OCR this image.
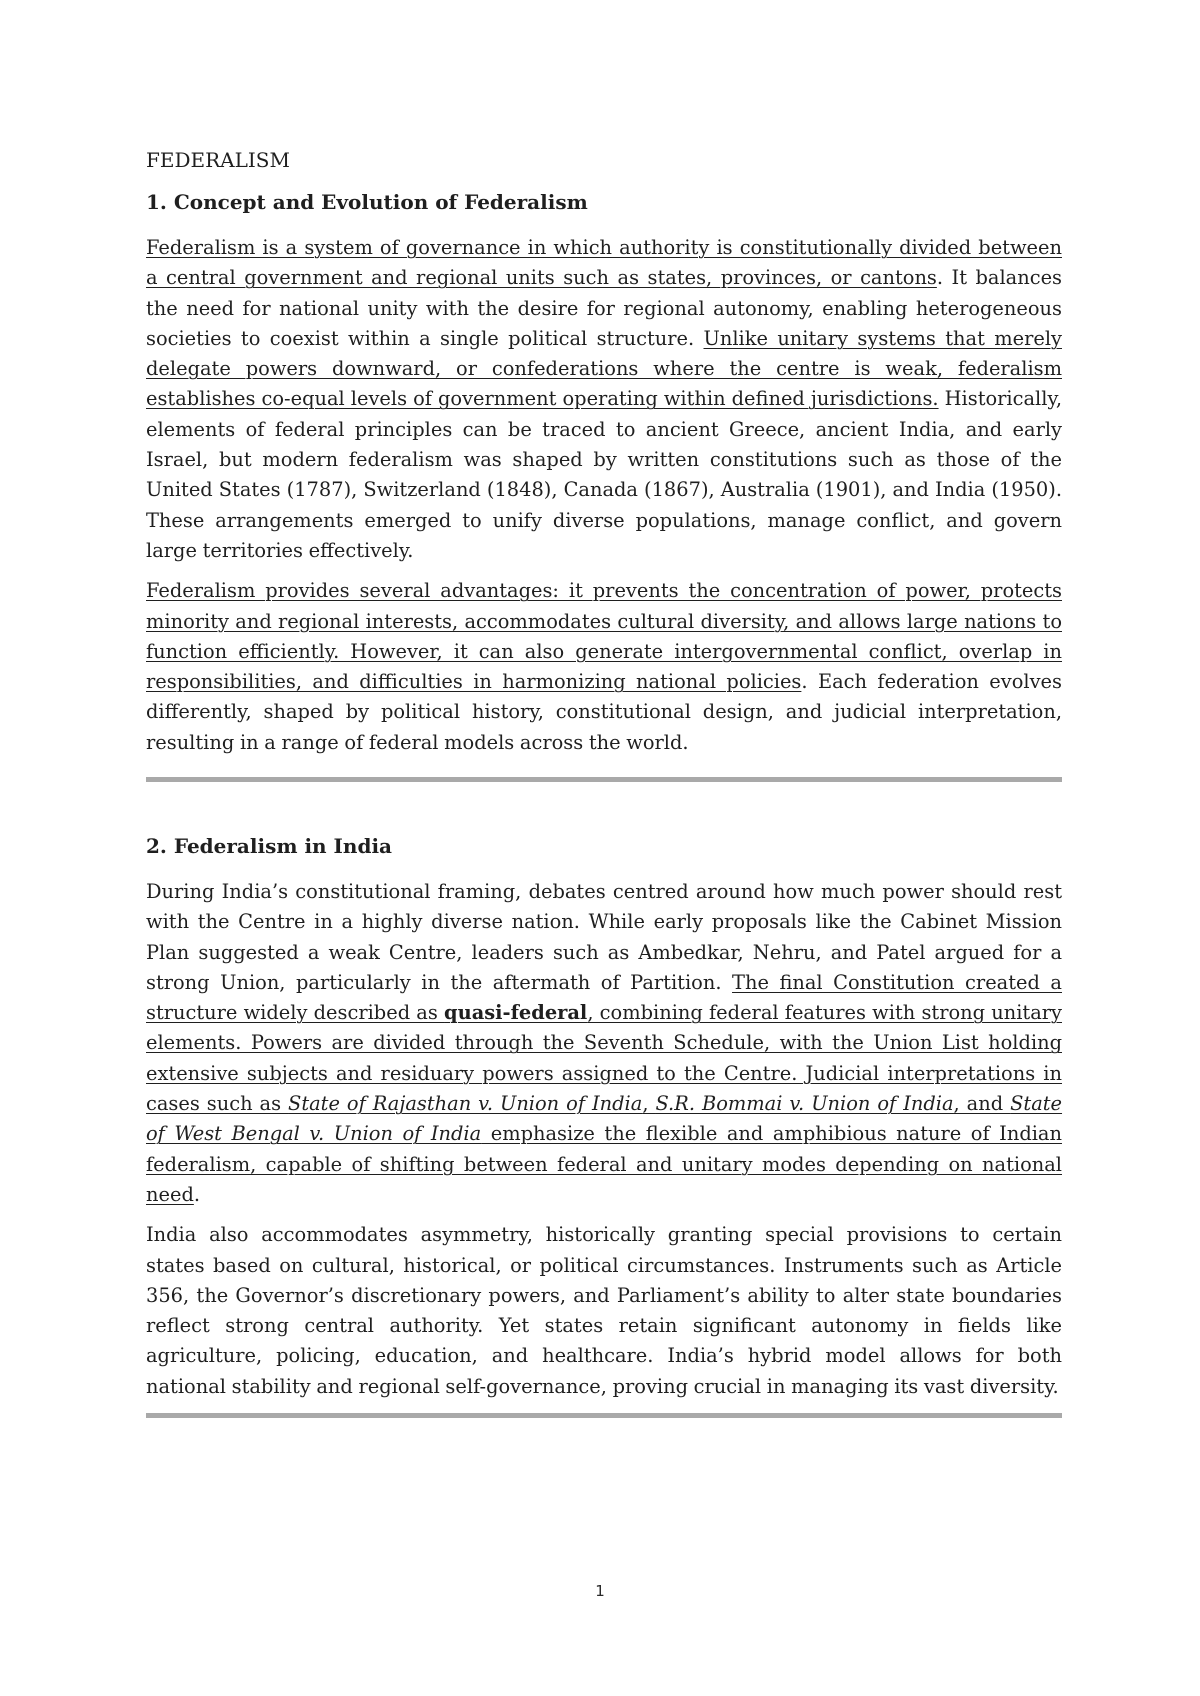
FEDERALISM
1. Concept and Evolution of Federalism

Federalism is a system of governance in which authority is constitutionally divided between a central government and regional units such as states, provinces, or cantons. It balances the need for national unity with the desire for regional autonomy, enabling heterogeneous societies to coexist within a single political structure. Unlike unitary systems that merely delegate powers downward, or confederations where the centre is weak, federalism establishes co-equal levels of government operating within defined jurisdictions. Historically, elements of federal principles can be traced to ancient Greece, ancient India, and early Israel, but modern federalism was shaped by written constitutions such as those of the United States (1787), Switzerland (1848), Canada (1867), Australia (1901), and India (1950). These arrangements emerged to unify diverse populations, manage conflict, and govern large territories effectively.

Federalism provides several advantages: it prevents the concentration of power, protects minority and regional interests, accommodates cultural diversity, and allows large nations to function efficiently. However, it can also generate intergovernmental conflict, overlap in responsibilities, and difficulties in harmonizing national policies. Each federation evolves differently, shaped by political history, constitutional design, and judicial interpretation, resulting in a range of federal models across the world.

2. Federalism in India

During India’s constitutional framing, debates centred around how much power should rest with the Centre in a highly diverse nation. While early proposals like the Cabinet Mission Plan suggested a weak Centre, leaders such as Ambedkar, Nehru, and Patel argued for a strong Union, particularly in the aftermath of Partition. The final Constitution created a structure widely described as quasi-federal, combining federal features with strong unitary elements. Powers are divided through the Seventh Schedule, with the Union List holding extensive subjects and residuary powers assigned to the Centre. Judicial interpretations in cases such as State of Rajasthan v. Union of India, S.R. Bommai v. Union of India, and State of West Bengal v. Union of India emphasize the flexible and amphibious nature of Indian federalism, capable of shifting between federal and unitary modes depending on national need.

India also accommodates asymmetry, historically granting special provisions to certain states based on cultural, historical, or political circumstances. Instruments such as Article 356, the Governor’s discretionary powers, and Parliament’s ability to alter state boundaries reflect strong central authority. Yet states retain significant autonomy in fields like agriculture, policing, education, and healthcare. India’s hybrid model allows for both national stability and regional self-governance, proving crucial in managing its vast diversity.

1
